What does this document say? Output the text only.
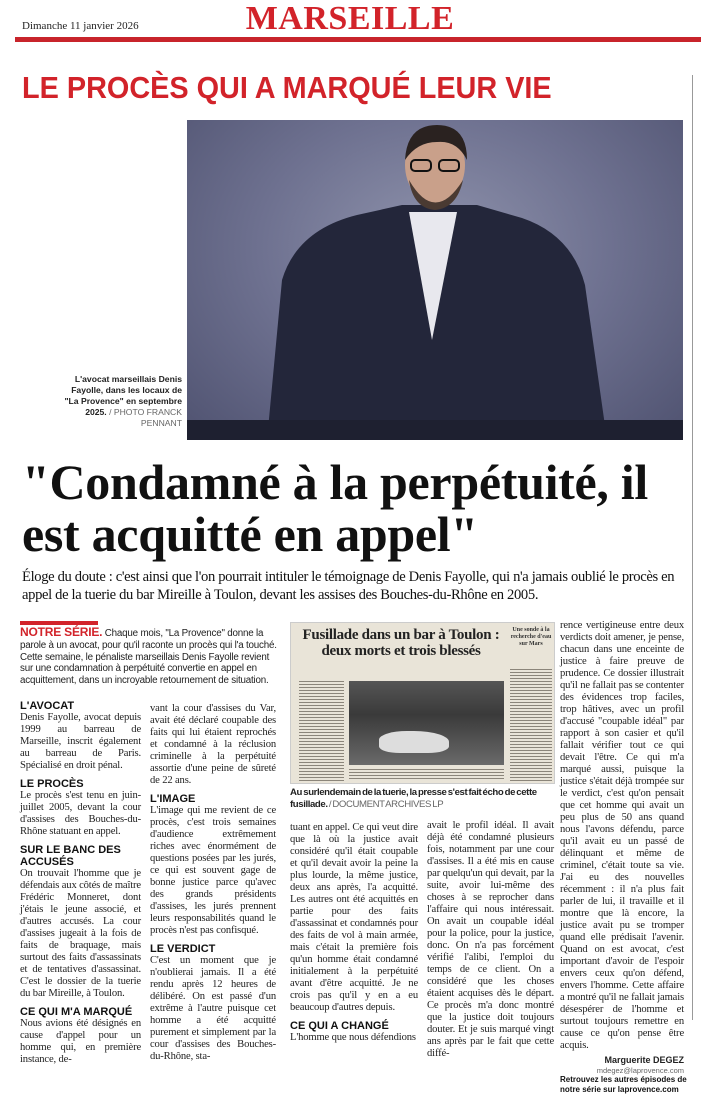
Dimanche 11 janvier 2026	MARSEILLE
LE PROCÈS QUI A MARQUÉ LEUR VIE
L'avocat marseillais Denis Fayolle, dans les locaux de "La Provence" en septembre 2025. / PHOTO FRANCK PENNANT
"Condamné à la perpétuité, il est acquitté en appel"
Éloge du doute : c'est ainsi que l'on pourrait intituler le témoignage de Denis Fayolle, qui n'a jamais oublié le procès en appel de la tuerie du bar Mireille à Toulon, devant les assises des Bouches-du-Rhône en 2005.
NOTRE SÉRIE. Chaque mois, "La Provence" donne la parole à un avocat, pour qu'il raconte un procès qui l'a touché. Cette semaine, le pénaliste marseillais Denis Fayolle revient sur une condamnation à perpétuité convertie en appel en acquittement, dans un incroyable retournement de situation.
L'AVOCAT

Denis Fayolle, avocat depuis 1999 au barreau de Marseille, inscrit également au barreau de Paris. Spécialisé en droit pénal.

LE PROCÈS

Le procès s'est tenu en juin-juillet 2005, devant la cour d'assises des Bouches-du-Rhône statuant en appel.

SUR LE BANC DES ACCUSÉS

On trouvait l'homme que je défendais aux côtés de maître Frédéric Monneret, dont j'étais le jeune associé, et d'autres accusés. La cour d'assises jugeait à la fois de faits de braquage, mais surtout des faits d'assassinats et de tentatives d'assassinat. C'est le dossier de la tuerie du bar Mireille, à Toulon.

CE QUI M'A MARQUÉ

Nous avions été désignés en cause d'appel pour un homme qui, en première instance, de-

vant la cour d'assises du Var, avait été déclaré coupable des faits qui lui étaient reprochés et condamné à la réclusion criminelle à la perpétuité assortie d'une peine de sûreté de 22 ans.

L'IMAGE

L'image qui me revient de ce procès, c'est trois semaines d'audience extrêmement riches avec énormément de questions posées par les jurés, ce qui est souvent gage de bonne justice parce qu'avec des grands présidents d'assises, les jurés prennent leurs responsabilités quand le procès n'est pas confisqué.

LE VERDICT

C'est un moment que je n'oublierai jamais. Il a été rendu après 12 heures de délibéré. On est passé d'un extrême à l'autre puisque cet homme a été acquitté purement et simplement par la cour d'assises des Bouches-du-Rhône, sta-

tuant en appel. Ce qui veut dire que là où la justice avait considéré qu'il était coupable et qu'il devait avoir la peine la plus lourde, la même justice, deux ans après, l'a acquitté. Les autres ont été acquittés en partie pour des faits d'assassinat et condamnés pour des faits de vol à main armée, mais c'était la première fois qu'un homme était condamné initialement à la perpétuité avant d'être acquitté. Je ne crois pas qu'il y en a eu beaucoup d'autres depuis.

CE QUI A CHANGÉ

L'homme que nous défendions

avait le profil idéal. Il avait déjà été condamné plusieurs fois, notamment par une cour d'assises. Il a été mis en cause par quelqu'un qui devait, par la suite, avoir lui-même des choses à se reprocher dans l'affaire qui nous intéressait. On avait un coupable idéal pour la police, pour la justice, donc. On n'a pas forcément vérifié l'alibi, l'emploi du temps de ce client. On a considéré que les choses étaient acquises dès le départ. Ce procès m'a donc montré que la justice doit toujours douter. Et je suis marqué vingt ans après par le fait que cette diffé-

rence vertigineuse entre deux verdicts doit amener, je pense, chacun dans une enceinte de justice à faire preuve de prudence. Ce dossier illustrait qu'il ne fallait pas se contenter des évidences trop faciles, trop hâtives, avec un profil d'accusé "coupable idéal" par rapport à son casier et qu'il fallait vérifier tout ce qui devait l'être. Ce qui m'a marqué aussi, puisque la justice s'était déjà trompée sur le verdict, c'est qu'on pensait que cet homme qui avait un peu plus de 50 ans quand nous l'avons défendu, parce qu'il avait eu un passé de délinquant et même de criminel, c'était toute sa vie. J'ai eu des nouvelles récemment : il n'a plus fait parler de lui, il travaille et il montre que là encore, la justice avait pu se tromper quand elle prédisait l'avenir. Quand on est avocat, c'est important d'avoir de l'espoir envers ceux qu'on défend, envers l'homme. Cette affaire a montré qu'il ne fallait jamais désespérer de l'homme et surtout toujours remettre en cause ce qu'on pense être acquis.

Marguerite DEGEZ
mdegez@laprovence.com
Retrouvez les autres épisodes de notre série sur laprovence.com
Fusillade dans un bar à Toulon : deux morts et trois blessés
Une sonde à la recherche d'eau sur Mars
Au surlendemain de la tuerie, la presse s'est fait écho de cette fusillade. / DOCUMENT ARCHIVES LP
